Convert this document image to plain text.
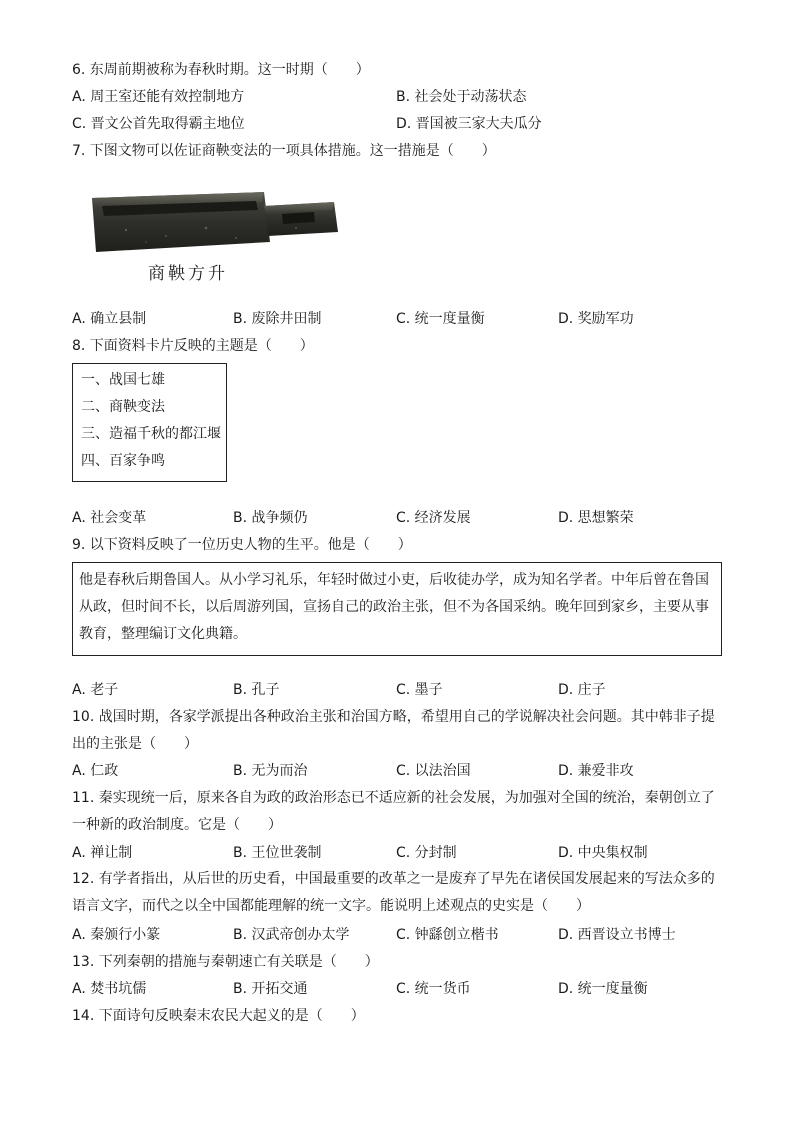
6. 东周前期被称为春秋时期。这一时期（　　）
A. 周王室还能有效控制地方	B. 社会处于动荡状态
C. 晋文公首先取得霸主地位	D. 晋国被三家大夫瓜分
7. 下图文物可以佐证商鞅变法的一项具体措施。这一措施是（　　）
商鞅方升
A. 确立县制	B. 废除井田制	C. 统一度量衡	D. 奖励军功
8. 下面资料卡片反映的主题是（　　）
一、战国七雄
二、商鞅变法
三、造福千秋的都江堰
四、百家争鸣
A. 社会变革	B. 战争频仍	C. 经济发展	D. 思想繁荣
9. 以下资料反映了一位历史人物的生平。他是（　　）
他是春秋后期鲁国人。从小学习礼乐，年轻时做过小吏，后收徒办学，成为知名学者。中年后曾在鲁国从政，但时间不长，以后周游列国，宣扬自己的政治主张，但不为各国采纳。晚年回到家乡，主要从事教育，整理编订文化典籍。
A. 老子	B. 孔子	C. 墨子	D. 庄子
10. 战国时期，各家学派提出各种政治主张和治国方略，希望用自己的学说解决社会问题。其中韩非子提出的主张是（　　）
A. 仁政	B. 无为而治	C. 以法治国	D. 兼爱非攻
11. 秦实现统一后，原来各自为政的政治形态已不适应新的社会发展，为加强对全国的统治，秦朝创立了一种新的政治制度。它是（　　）
A. 禅让制	B. 王位世袭制	C. 分封制	D. 中央集权制
12. 有学者指出，从后世的历史看，中国最重要的改革之一是废弃了早先在诸侯国发展起来的写法众多的语言文字，而代之以全中国都能理解的统一文字。能说明上述观点的史实是（　　）
A. 秦颁行小篆	B. 汉武帝创办太学	C. 钟繇创立楷书	D. 西晋设立书博士
13. 下列秦朝的措施与秦朝速亡有关联是（　　）
A. 焚书坑儒	B. 开拓交通	C. 统一货币	D. 统一度量衡
14. 下面诗句反映秦末农民大起义的是（　　）
